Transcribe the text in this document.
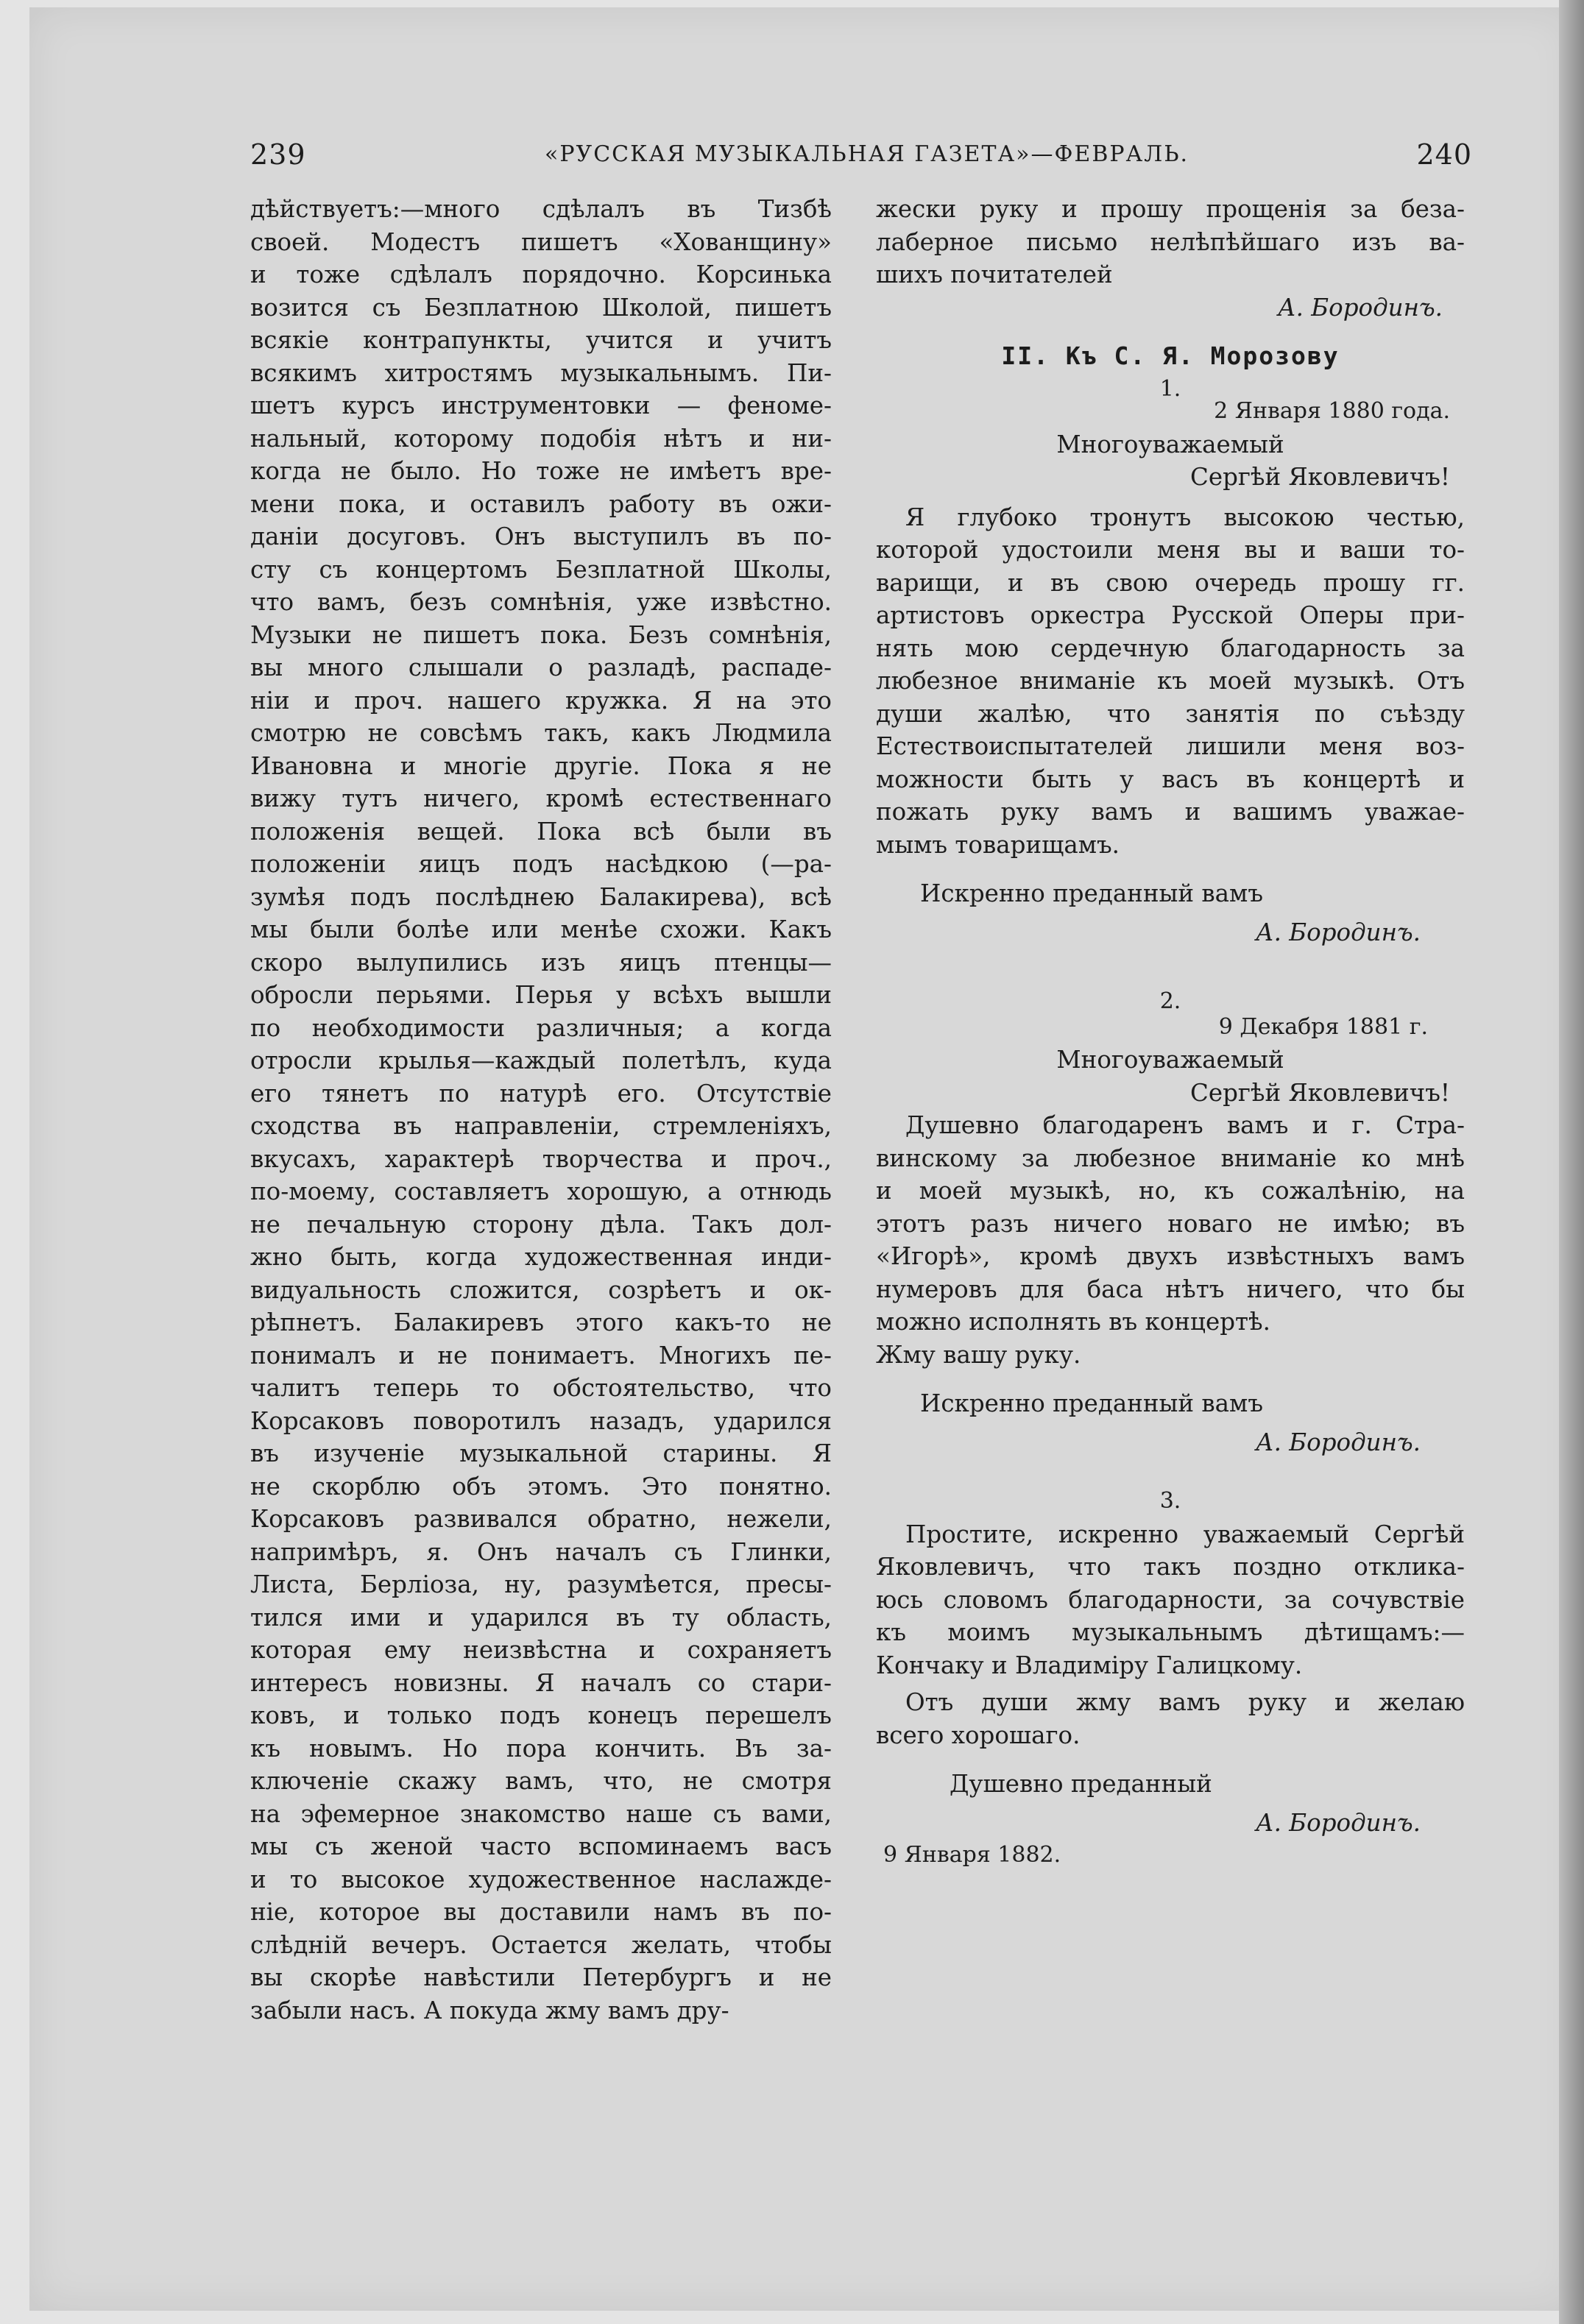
239	«РУССКАЯ МУЗЫКАЛЬНАЯ ГАЗЕТА»—ФЕВРАЛЬ.	240
дѣйствуетъ:—много сдѣлалъ въ Тизбѣ
своей. Модестъ пишетъ «Хованщину»
и тоже сдѣлалъ порядочно. Корсинька
возится съ Безплатною Школой, пишетъ
всякіе контрапункты, учится и учитъ
всякимъ хитростямъ музыкальнымъ. Пи-
шетъ курсъ инструментовки — феноме-
нальный, которому подобія нѣтъ и ни-
когда не было. Но тоже не имѣетъ вре-
мени пока, и оставилъ работу въ ожи-
даніи досуговъ. Онъ выступилъ въ по-
сту съ концертомъ Безплатной Школы,
что вамъ, безъ сомнѣнія, уже извѣстно.
Музыки не пишетъ пока. Безъ сомнѣнія,
вы много слышали о разладѣ, распаде-
ніи и проч. нашего кружка. Я на это
смотрю не совсѣмъ такъ, какъ Людмила
Ивановна и многіе другіе. Пока я не
вижу тутъ ничего, кромѣ естественнаго
положенія вещей. Пока всѣ были въ
положеніи яицъ подъ насѣдкою (—ра-
зумѣя подъ послѣднею Балакирева), всѣ
мы были болѣе или менѣе схожи. Какъ
скоро вылупились изъ яицъ птенцы—
обросли перьями. Перья у всѣхъ вышли
по необходимости различныя; а когда
отросли крылья—каждый полетѣлъ, куда
его тянетъ по натурѣ его. Отсутствіе
сходства въ направленіи, стремленіяхъ,
вкусахъ, характерѣ творчества и проч.,
по-моему, составляетъ хорошую, а отнюдь
не печальную сторону дѣла. Такъ дол-
жно быть, когда художественная инди-
видуальность сложится, созрѣетъ и ок-
рѣпнетъ. Балакиревъ этого какъ-то не
понималъ и не понимаетъ. Многихъ пе-
чалитъ теперь то обстоятельство, что
Корсаковъ поворотилъ назадъ, ударился
въ изученіе музыкальной старины. Я
не скорблю объ этомъ. Это понятно.
Корсаковъ развивался обратно, нежели,
напримѣръ, я. Онъ началъ съ Глинки,
Листа, Берліоза, ну, разумѣется, пресы-
тился ими и ударился въ ту область,
которая ему неизвѣстна и сохраняетъ
интересъ новизны. Я началъ со стари-
ковъ, и только подъ конецъ перешелъ
къ новымъ. Но пора кончить. Въ за-
ключеніе скажу вамъ, что, не смотря
на эфемерное знакомство наше съ вами,
мы съ женой часто вспоминаемъ васъ
и то высокое художественное наслажде-
ніе, которое вы доставили намъ въ по-
слѣдній вечеръ. Остается желать, чтобы
вы скорѣе навѣстили Петербургъ и не
забыли насъ. А покуда жму вамъ дру-
жески руку и прошу прощенія за беза-
лаберное письмо нелѣпѣйшаго изъ ва-
шихъ почитателей
А. Бородинъ.
II. Къ С. Я. Морозову
1.
2 Января 1880 года.
Многоуважаемый
Сергѣй Яковлевичъ!
Я глубоко тронутъ высокою честью,
которой удостоили меня вы и ваши то-
варищи, и въ свою очередь прошу гг.
артистовъ оркестра Русской Оперы при-
нять мою сердечную благодарность за
любезное вниманіе къ моей музыкѣ. Отъ
души жалѣю, что занятія по съѣзду
Естествоиспытателей лишили меня воз-
можности быть у васъ въ концертѣ и
пожать руку вамъ и вашимъ уважае-
мымъ товарищамъ.
Искренно преданный вамъ
А. Бородинъ.
2.
9 Декабря 1881 г.
Многоуважаемый
Сергѣй Яковлевичъ!
Душевно благодаренъ вамъ и г. Стра-
винскому за любезное вниманіе ко мнѣ
и моей музыкѣ, но, къ сожалѣнію, на
этотъ разъ ничего новаго не имѣю; въ
«Игорѣ», кромѣ двухъ извѣстныхъ вамъ
нумеровъ для баса нѣтъ ничего, что бы
можно исполнять въ концертѣ.
Жму вашу руку.
Искренно преданный вамъ
А. Бородинъ.
3.
Простите, искренно уважаемый Сергѣй
Яковлевичъ, что такъ поздно отклика-
юсь словомъ благодарности, за сочувствіе
къ моимъ музыкальнымъ дѣтищамъ:—
Кончаку и Владиміру Галицкому.
Отъ души жму вамъ руку и желаю
всего хорошаго.
Душевно преданный
А. Бородинъ.
9 Января 1882.
